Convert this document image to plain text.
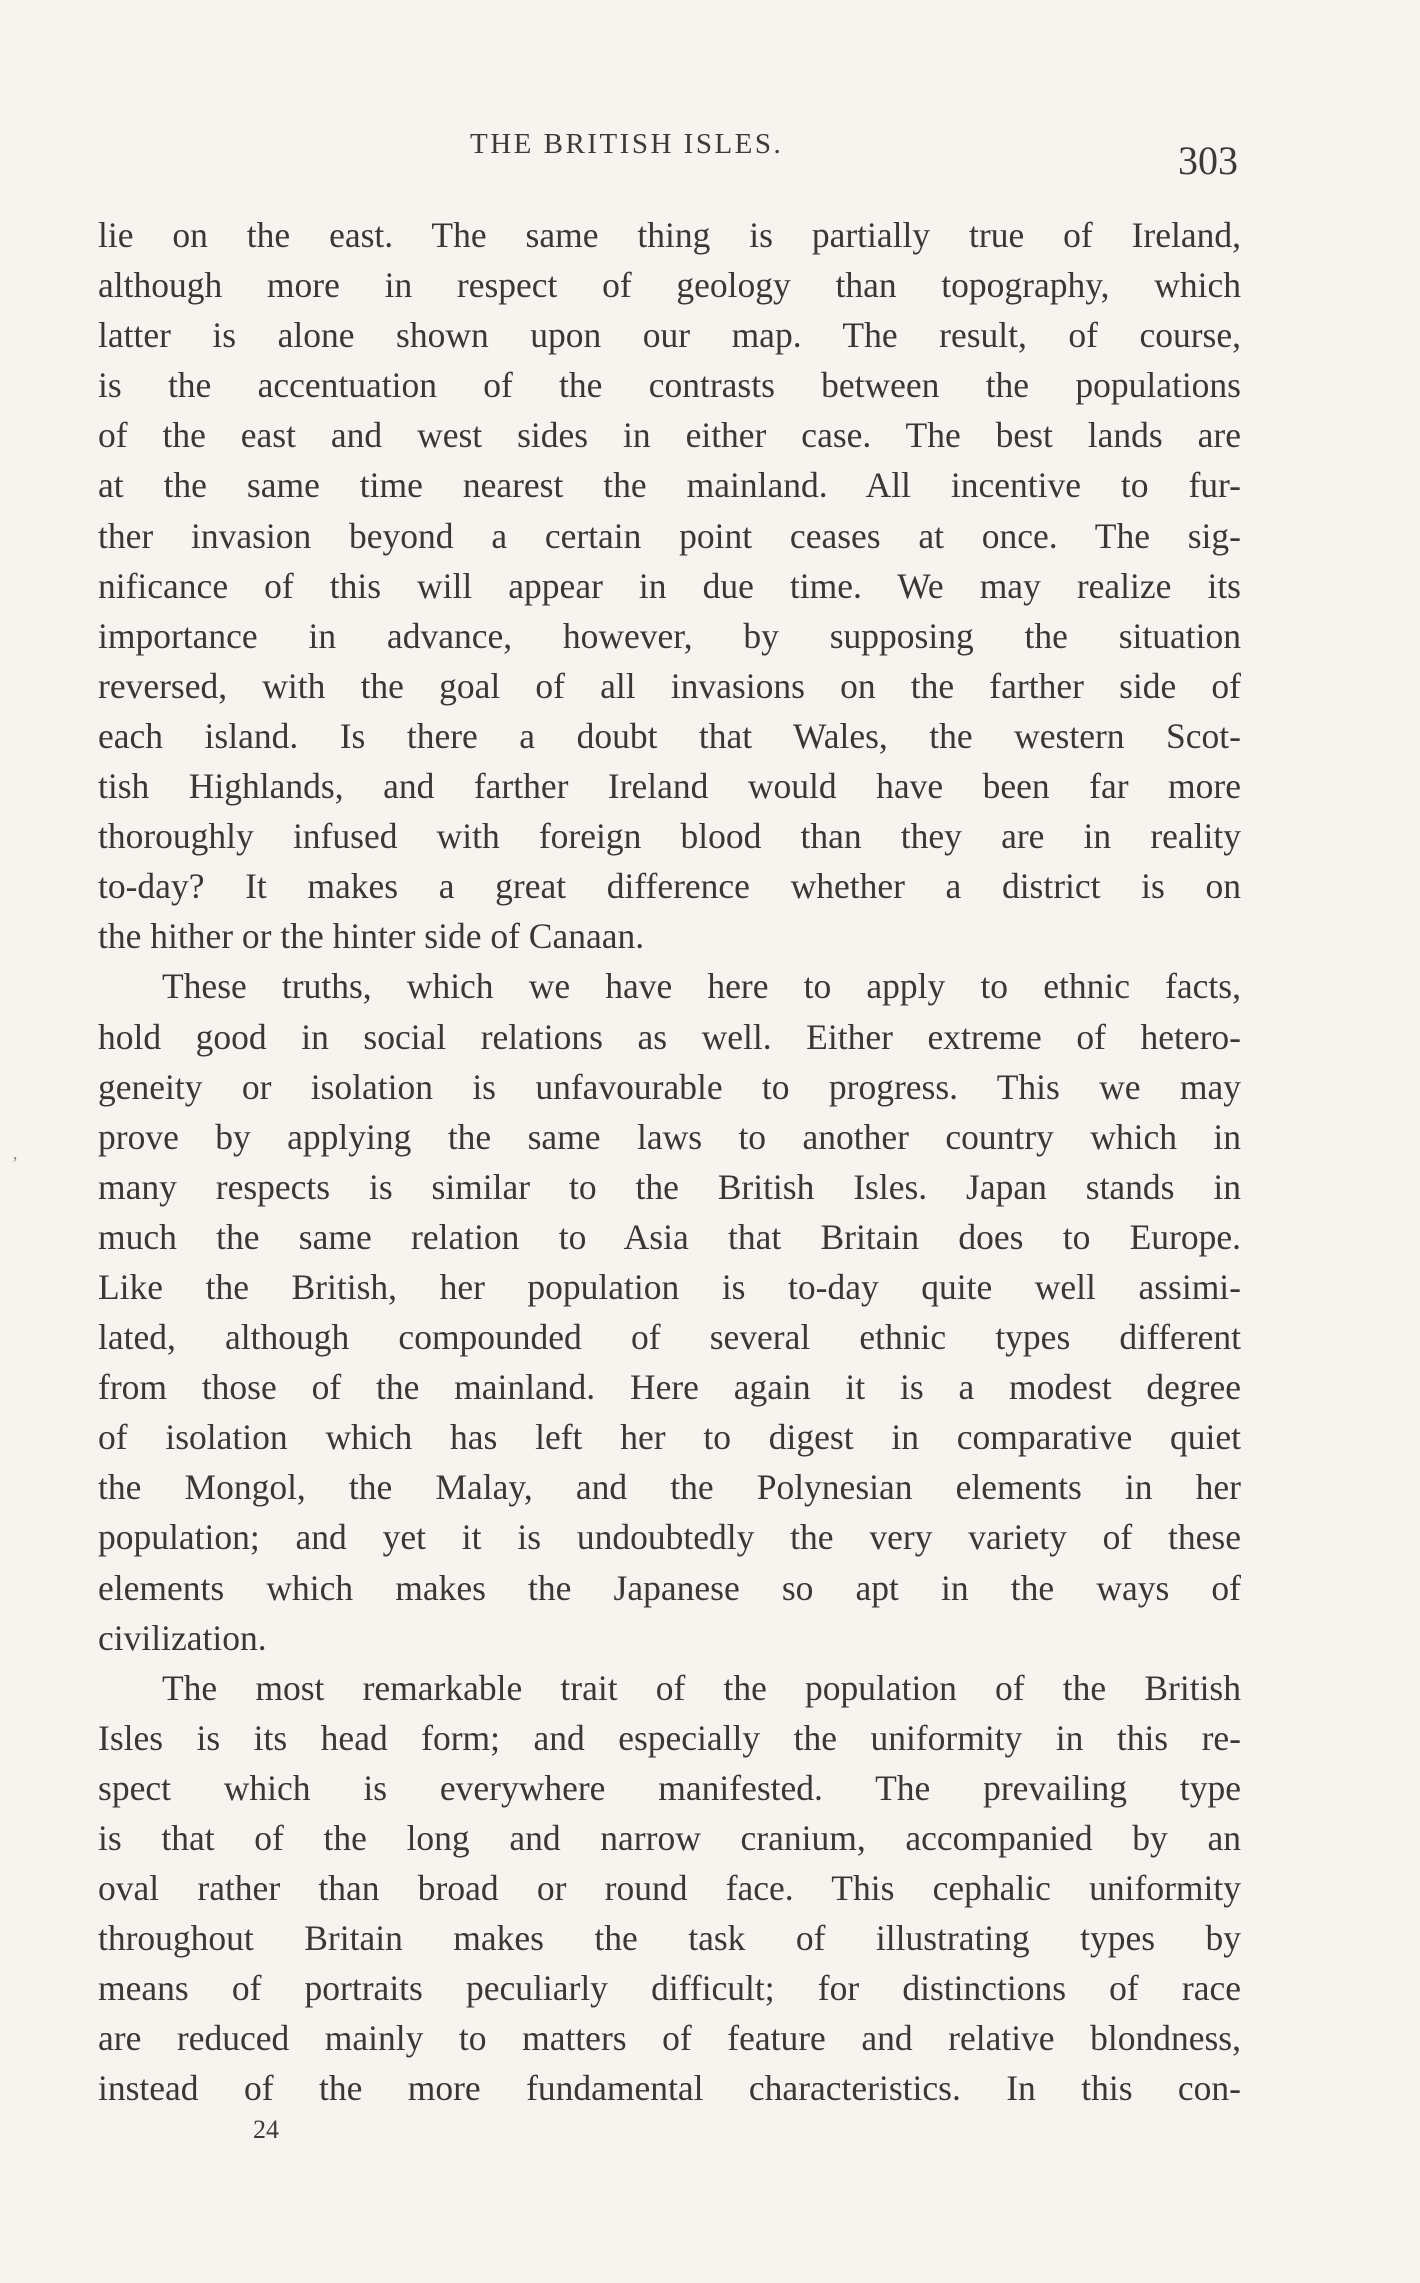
THE BRITISH ISLES.	303
‚
lie on the east. The same thing is partially true of Ireland,
although more in respect of geology than topography, which
latter is alone shown upon our map. The result, of course,
is the accentuation of the contrasts between the populations
of the east and west sides in either case. The best lands are
at the same time nearest the mainland. All incentive to fur-
ther invasion beyond a certain point ceases at once. The sig-
nificance of this will appear in due time. We may realize its
importance in advance, however, by supposing the situation
reversed, with the goal of all invasions on the farther side of
each island. Is there a doubt that Wales, the western Scot-
tish Highlands, and farther Ireland would have been far more
thoroughly infused with foreign blood than they are in reality
to-day? It makes a great difference whether a district is on
the hither or the hinter side of Canaan.
These truths, which we have here to apply to ethnic facts,
hold good in social relations as well. Either extreme of hetero-
geneity or isolation is unfavourable to progress. This we may
prove by applying the same laws to another country which in
many respects is similar to the British Isles. Japan stands in
much the same relation to Asia that Britain does to Europe.
Like the British, her population is to-day quite well assimi-
lated, although compounded of several ethnic types different
from those of the mainland. Here again it is a modest degree
of isolation which has left her to digest in comparative quiet
the Mongol, the Malay, and the Polynesian elements in her
population; and yet it is undoubtedly the very variety of these
elements which makes the Japanese so apt in the ways of
civilization.
The most remarkable trait of the population of the British
Isles is its head form; and especially the uniformity in this re-
spect which is everywhere manifested. The prevailing type
is that of the long and narrow cranium, accompanied by an
oval rather than broad or round face. This cephalic uniformity
throughout Britain makes the task of illustrating types by
means of portraits peculiarly difficult; for distinctions of race
are reduced mainly to matters of feature and relative blondness,
instead of the more fundamental characteristics. In this con-
24
